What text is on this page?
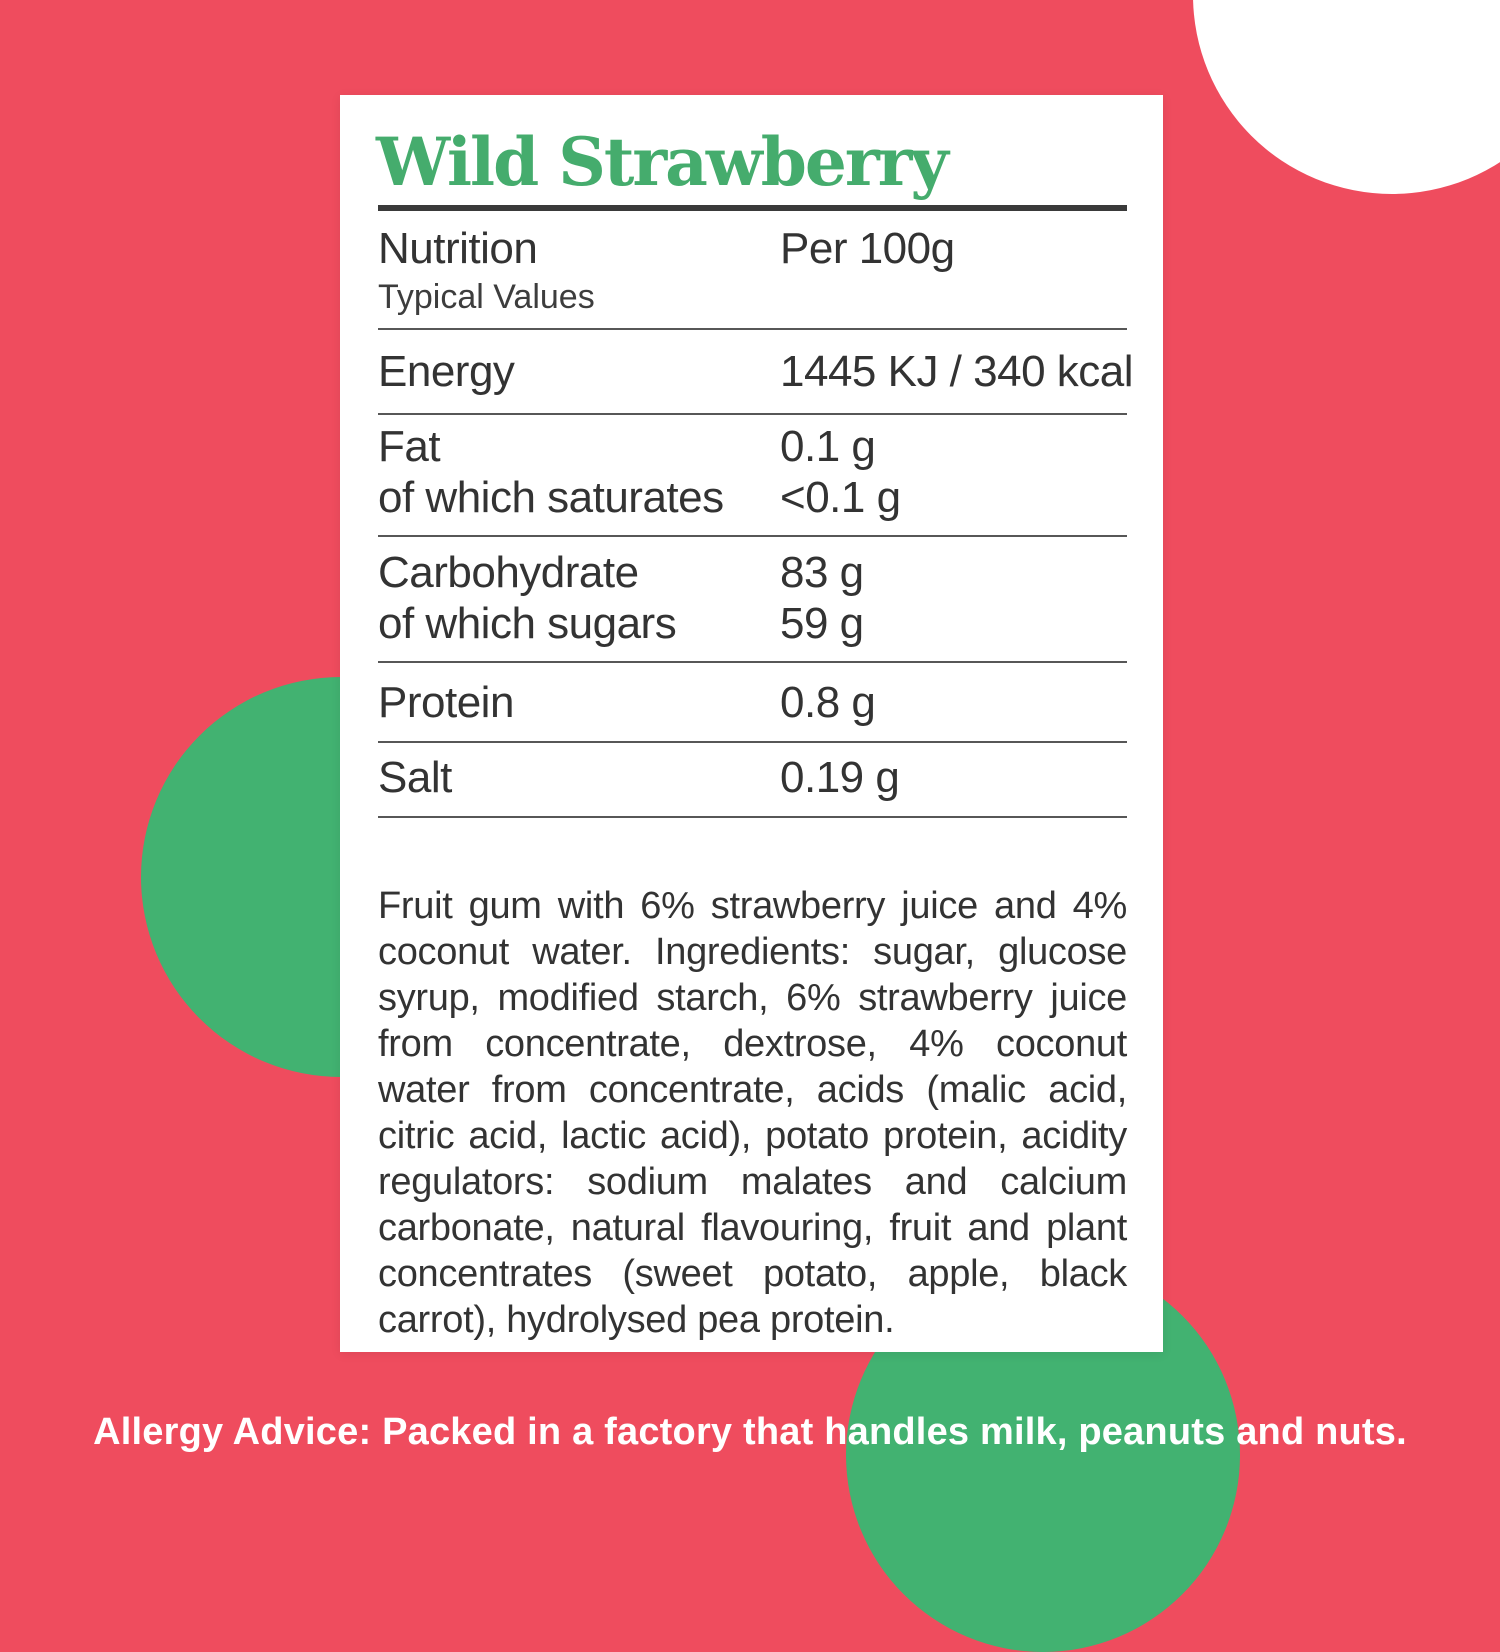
Wild Strawberry
Nutrition	Per 100g
Typical Values
Energy	1445 KJ / 340 kcal
Fat	0.1 g
of which saturates <0.1 g
Carbohydrate	83 g
of which sugars 59 g
Protein	0.8 g
Salt	0.19 g

Fruit gum with 6% strawberry juice and 4% coconut water. Ingredients: sugar, glucose syrup, modified starch, 6% strawberry juice from concentrate, dextrose, 4% coconut water from concentrate, acids (malic acid, citric acid, lactic acid), potato protein, acidity regulators: sodium malates and calcium carbonate, natural flavouring, fruit and plant concentrates (sweet potato, apple, black carrot), hydrolysed pea protein.

Allergy Advice: Packed in a factory that handles milk, peanuts and nuts.
